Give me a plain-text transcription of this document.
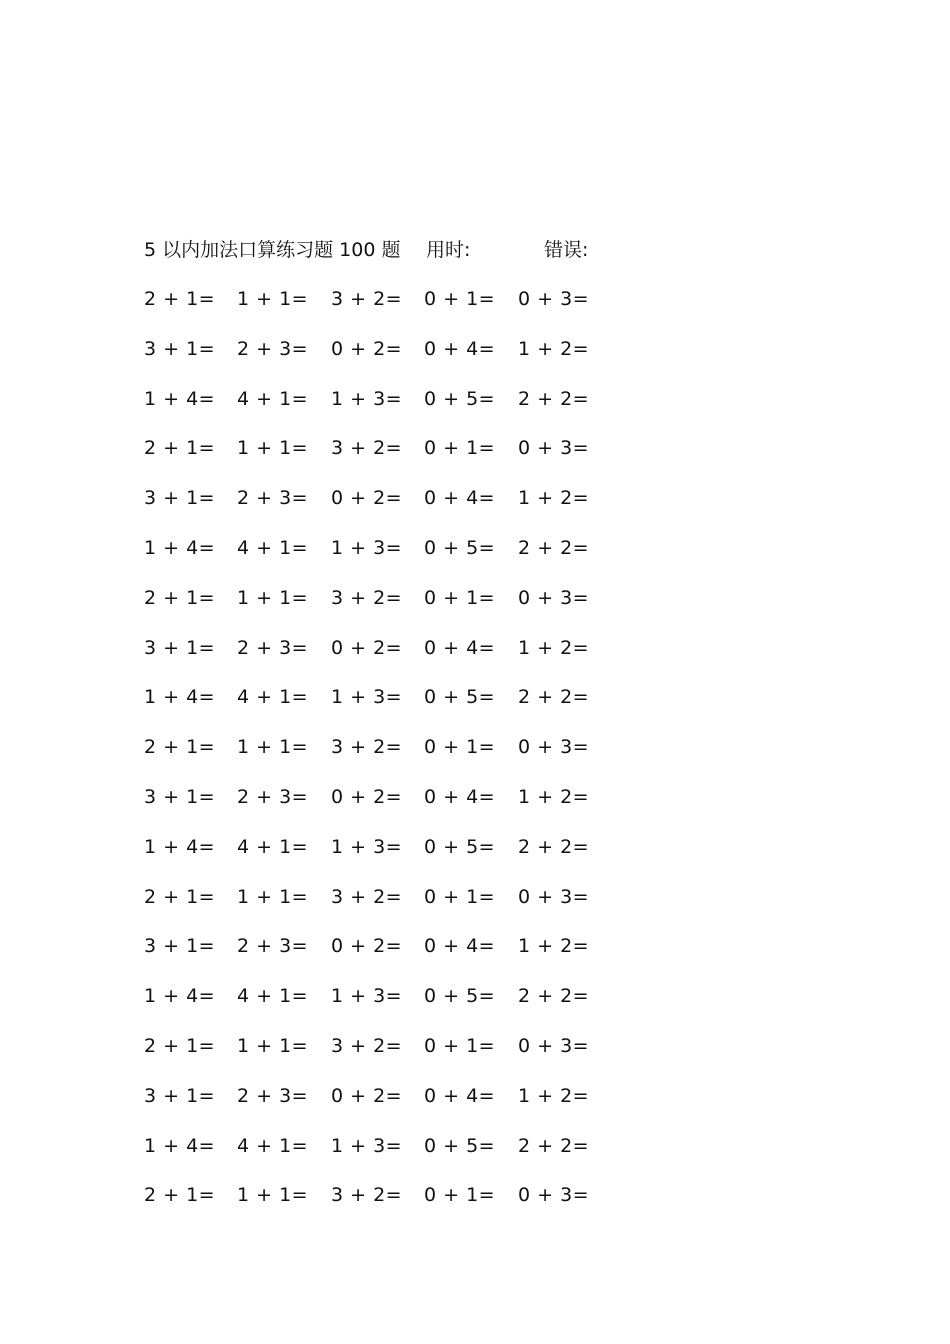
5 以内加法口算练习题 100 题 用时:	错误:
2 + 1= 1 + 1= 3 + 2= 0 + 1= 0 + 3=
3 + 1= 2 + 3= 0 + 2= 0 + 4= 1 + 2=
1 + 4= 4 + 1= 1 + 3= 0 + 5= 2 + 2=
2 + 1= 1 + 1= 3 + 2= 0 + 1= 0 + 3=
3 + 1= 2 + 3= 0 + 2= 0 + 4= 1 + 2=
1 + 4= 4 + 1= 1 + 3= 0 + 5= 2 + 2=
2 + 1= 1 + 1= 3 + 2= 0 + 1= 0 + 3=
3 + 1= 2 + 3= 0 + 2= 0 + 4= 1 + 2=
1 + 4= 4 + 1= 1 + 3= 0 + 5= 2 + 2=
2 + 1= 1 + 1= 3 + 2= 0 + 1= 0 + 3=
3 + 1= 2 + 3= 0 + 2= 0 + 4= 1 + 2=
1 + 4= 4 + 1= 1 + 3= 0 + 5= 2 + 2=
2 + 1= 1 + 1= 3 + 2= 0 + 1= 0 + 3=
3 + 1= 2 + 3= 0 + 2= 0 + 4= 1 + 2=
1 + 4= 4 + 1= 1 + 3= 0 + 5= 2 + 2=
2 + 1= 1 + 1= 3 + 2= 0 + 1= 0 + 3=
3 + 1= 2 + 3= 0 + 2= 0 + 4= 1 + 2=
1 + 4= 4 + 1= 1 + 3= 0 + 5= 2 + 2=
2 + 1= 1 + 1= 3 + 2= 0 + 1= 0 + 3=
